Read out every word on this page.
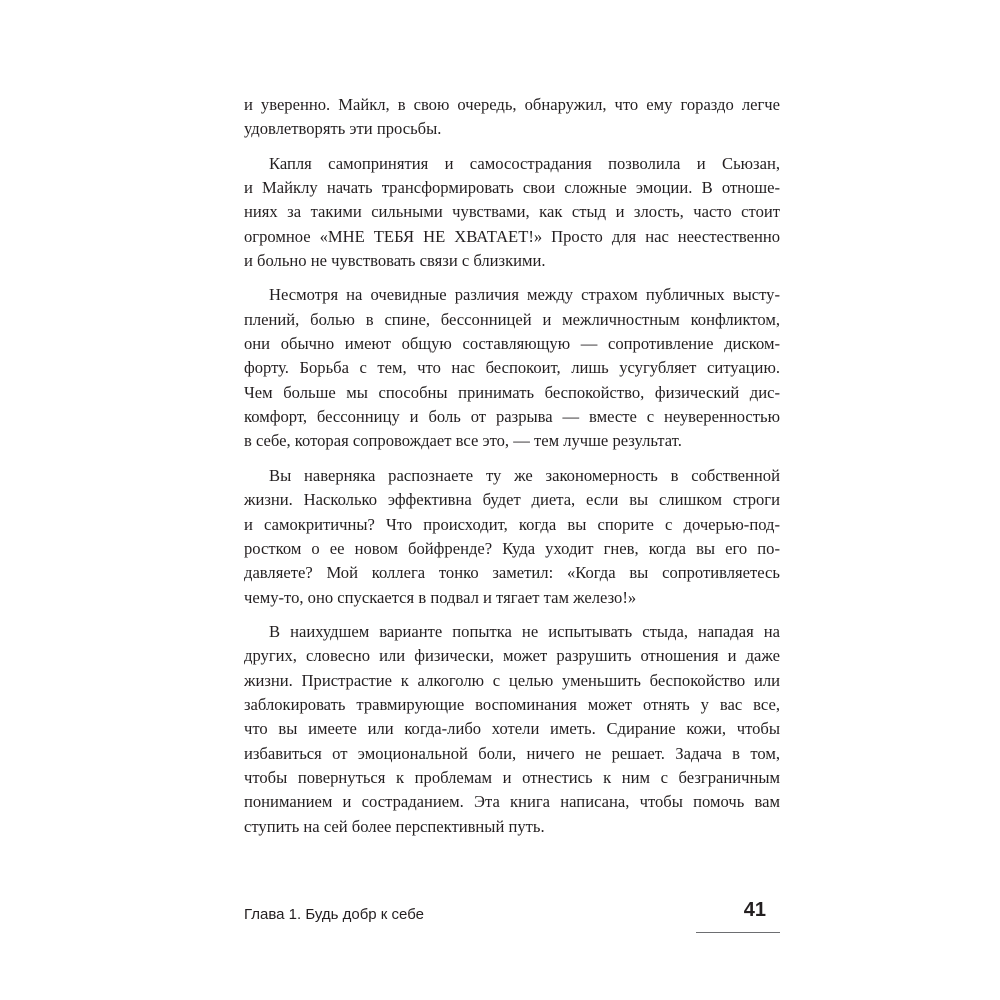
и уверенно. Майкл, в свою очередь, обнаружил, что ему гораздо легче
удовлетворять эти просьбы.
Капля самопринятия и самосострадания позволила и Сьюзан,
и Майклу начать трансформировать свои сложные эмоции. В отноше-
ниях за такими сильными чувствами, как стыд и злость, часто стоит
огромное «МНЕ ТЕБЯ НЕ ХВАТАЕТ!» Просто для нас неестественно
и больно не чувствовать связи с близкими.
Несмотря на очевидные различия между страхом публичных высту-
плений, болью в спине, бессонницей и межличностным конфликтом,
они обычно имеют общую составляющую — сопротивление диском-
форту. Борьба с тем, что нас беспокоит, лишь усугубляет ситуацию.
Чем больше мы способны принимать беспокойство, физический дис-
комфорт, бессонницу и боль от разрыва — вместе с неуверенностью
в себе, которая сопровождает все это, — тем лучше результат.
Вы наверняка распознаете ту же закономерность в собственной
жизни. Насколько эффективна будет диета, если вы слишком строги
и самокритичны? Что происходит, когда вы спорите с дочерью-под-
ростком о ее новом бойфренде? Куда уходит гнев, когда вы его по-
давляете? Мой коллега тонко заметил: «Когда вы сопротивляетесь
чему-то, оно спускается в подвал и тягает там железо!»
В наихудшем варианте попытка не испытывать стыда, нападая на
других, словесно или физически, может разрушить отношения и даже
жизни. Пристрастие к алкоголю с целью уменьшить беспокойство или
заблокировать травмирующие воспоминания может отнять у вас все,
что вы имеете или когда-либо хотели иметь. Сдирание кожи, чтобы
избавиться от эмоциональной боли, ничего не решает. Задача в том,
чтобы повернуться к проблемам и отнестись к ним с безграничным
пониманием и состраданием. Эта книга написана, чтобы помочь вам
ступить на сей более перспективный путь.
Глава 1. Будь добр к себе	41
